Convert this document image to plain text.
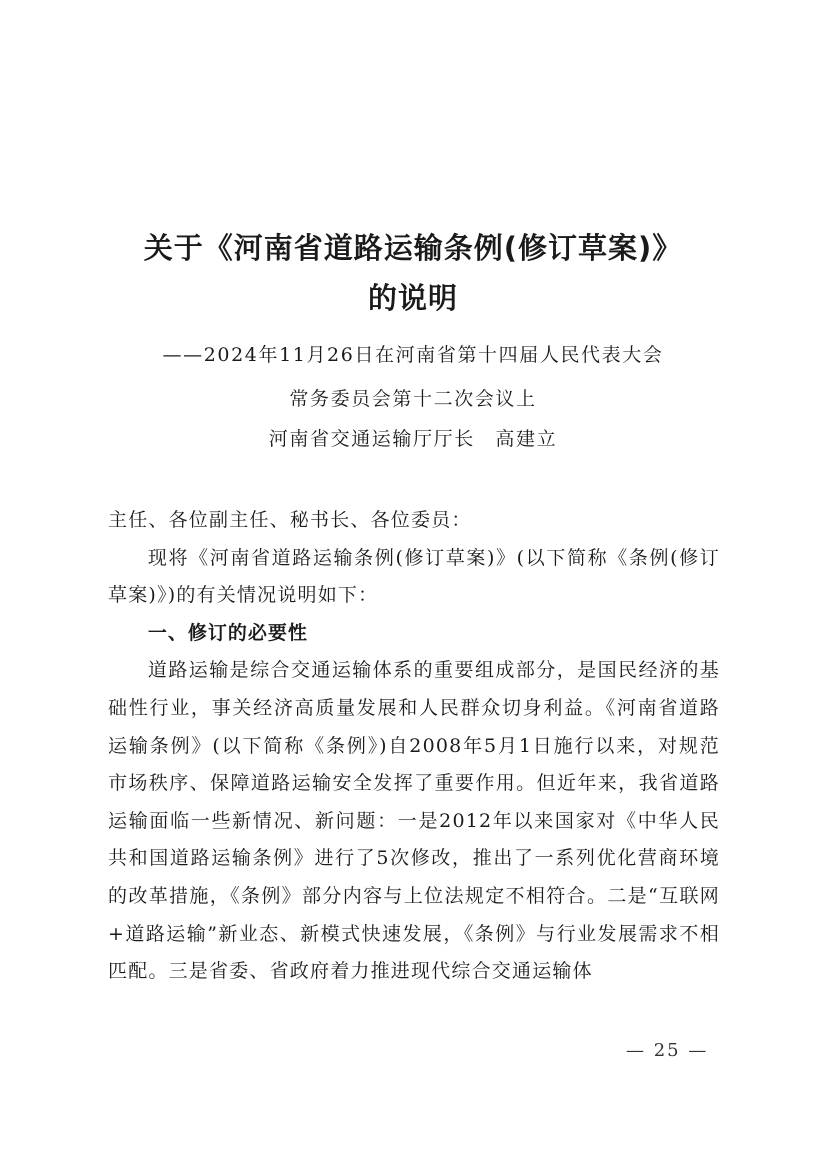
关于《河南省道路运输条例(修订草案)》
的说明
——2024年11月26日在河南省第十四届人民代表大会
常务委员会第十二次会议上
河南省交通运输厅厅长　高建立

主任、各位副主任、秘书长、各位委员：

现将《河南省道路运输条例(修订草案)》(以下简称《条例(修订草案)》)的有关情况说明如下：

一、修订的必要性

道路运输是综合交通运输体系的重要组成部分，是国民经济的基础性行业，事关经济高质量发展和人民群众切身利益。《河南省道路运输条例》(以下简称《条例》)自2008年5月1日施行以来，对规范市场秩序、保障道路运输安全发挥了重要作用。但近年来，我省道路运输面临一些新情况、新问题：一是2012年以来国家对《中华人民共和国道路运输条例》进行了5次修改，推出了一系列优化营商环境的改革措施，《条例》部分内容与上位法规定不相符合。二是“互联网+道路运输”新业态、新模式快速发展，《条例》与行业发展需求不相匹配。三是省委、省政府着力推进现代综合交通运输体

— 25 —
